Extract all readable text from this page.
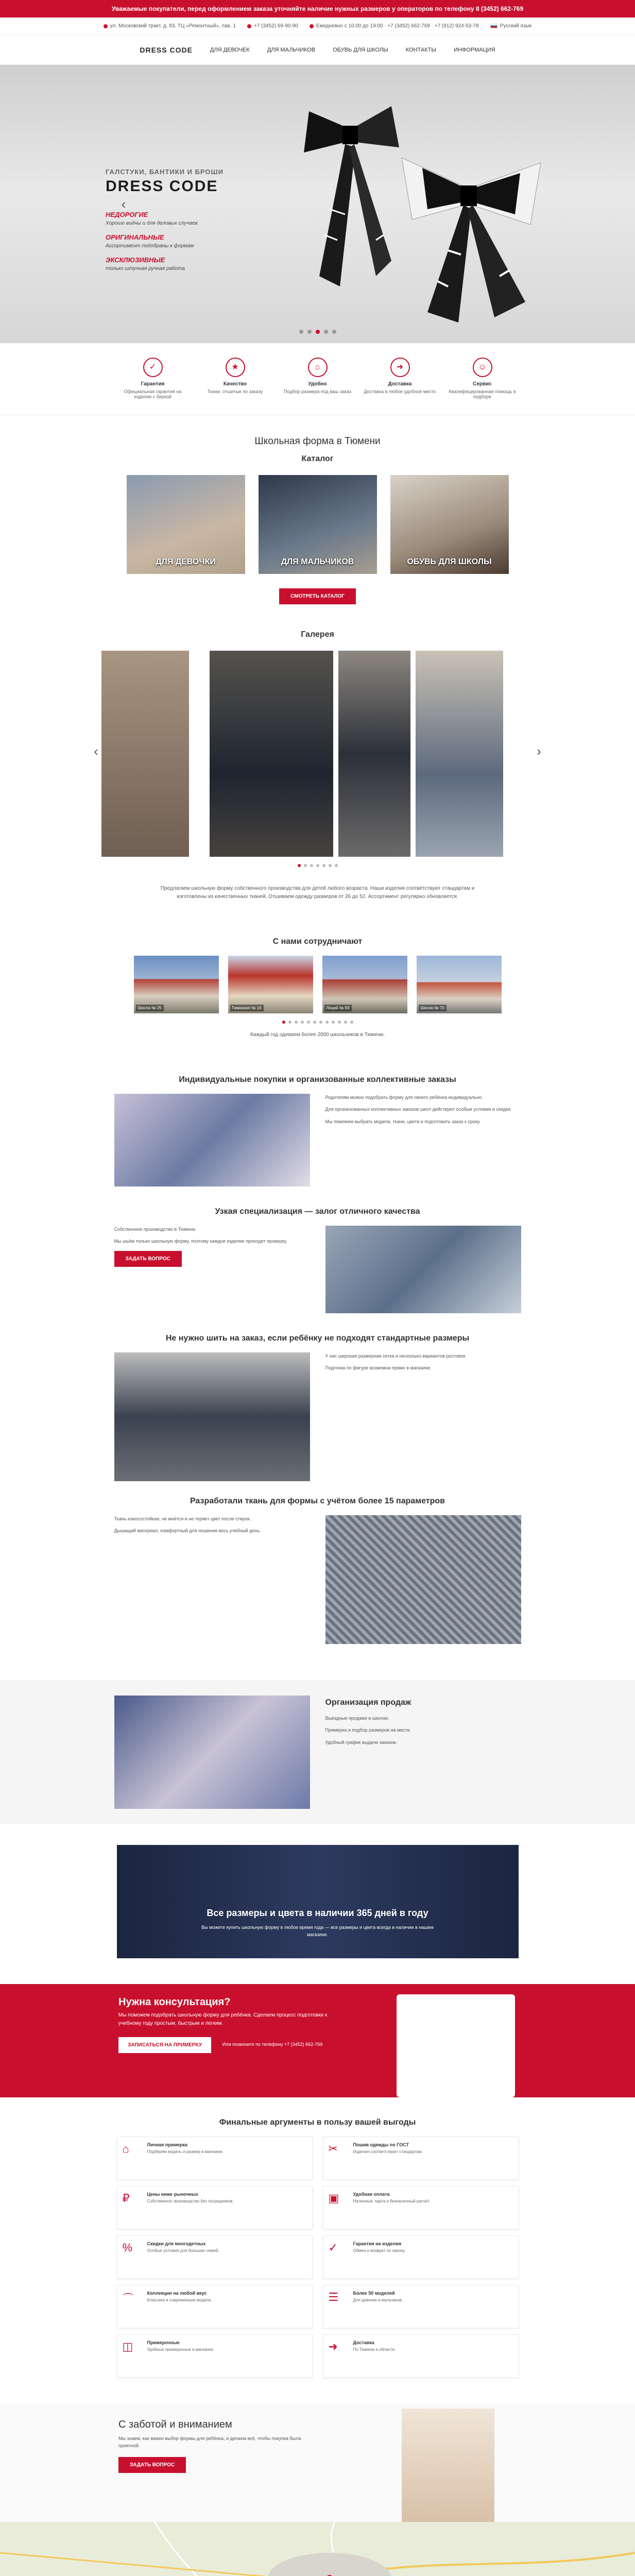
Уважаемые покупатели, перед оформлением заказа уточняйте наличие нужных размеров у операторов по телефону 8 (3452) 662-769
ул. Московский тракт, д. 83, ТЦ «Ремонтный», пав. 1	+7 (3452) 69-90-90	Ежедневно с 10:00 до 19:00 · +7 (3452) 662-769 · +7 (912) 924-53-78	Русский язык
DRESS CODE	ДЛЯ ДЕВОЧЕК	ДЛЯ МАЛЬЧИКОВ	ОБУВЬ ДЛЯ ШКОЛЫ	КОНТАКТЫ	ИНФОРМАЦИЯ
‹
ГАЛСТУКИ, БАНТИКИ И БРОШИ
DRESS CODE
НЕДОРОГИЕ
Хорошо видны и для деловых случаев
ОРИГИНАЛЬНЫЕ
Ассортимент подобраны к формам
ЭКСКЛЮЗИВНЫЕ
только штучная ручная работа
✓
Гарантия
Официальная гарантия на изделия с биркой
★
Качество
Ткани, отшитые по заказу
⌂
Удобно
Подбор размера под ваш заказ
➜
Доставка
Доставка в любое удобное место
☺
Сервис
Квалифицированная помощь в подборе
Школьная форма в Тюмени
Каталог
ДЛЯ ДЕВОЧКИ	ДЛЯ МАЛЬЧИКОВ	ОБУВЬ ДЛЯ ШКОЛЫ
СМОТРЕТЬ КАТАЛОГ
Галерея
‹	›

Предлагаем школьную форму собственного производства для детей любого возраста. Наши изделия соответствуют стандартам и изготовлены из качественных тканей. Отшиваем одежду размеров от 26 до 52. Ассортимент регулярно обновляется.

С нами сотрудничают
Школа № 25	Гимназия № 16	Лицей № 93	Школа № 70

Каждый год одеваем более 2000 школьников в Тюмени.

Индивидуальные покупки и организованные коллективные заказы

Родителям можно подобрать форму для своего ребёнка индивидуально.

Для организованных коллективных заказов школ действуют особые условия и скидки.

Мы поможем выбрать модели, ткани, цвета и подготовить заказ к сроку.

Узкая специализация — залог отличного качества

Собственное производство в Тюмени.

Мы шьём только школьную форму, поэтому каждое изделие проходит проверку.

ЗАДАТЬ ВОПРОС
Не нужно шить на заказ, если ребёнку не подходят стандартные размеры

У нас широкая размерная сетка и несколько вариантов ростовок.

Подгонка по фигуре возможна прямо в магазине.

Разработали ткань для формы с учётом более 15 параметров

Ткань износостойкая, не мнётся и не теряет цвет после стирок.

Дышащий материал, комфортный для ношения весь учебный день.

Организация продаж

Выездные продажи в школах.

Примерка и подбор размеров на месте.

Удобный график выдачи заказов.

Все размеры и цвета в наличии 365 дней в году

Вы можете купить школьную форму в любое время года — все размеры и цвета всегда в наличии в нашем магазине.

Нужна консультация?

Мы поможем подобрать школьную форму для ребёнка. Сделаем процесс подготовки к учебному году простым, быстрым и легким.

ЗАПИСАТЬСЯ НА ПРИМЕРКУ	Или позвоните по телефону +7 (3452) 662-769
Финальные аргументы в пользу вашей выгоды
⌂	Личная примерка

Подберём модель и размер в магазине.	✂	Пошив одежды по ГОСТ

Изделия соответствуют стандартам.

₽	Цены ниже рыночных

Собственное производство без посредников.	▣	Удобная оплата

Наличные, карта и безналичный расчёт.

%	Скидки для многодетных

Особые условия для больших семей.	✓	Гарантия на изделия

Обмен и возврат по закону.

⌒	Коллекции на любой вкус

Классика и современные модели.	☰	Более 50 моделей

Для девочек и мальчиков.

◫	Примерочные

Удобные примерочные в магазине.	➜	Доставка

По Тюмени и области.

С заботой и вниманием

Мы знаем, как важен выбор формы для ребёнка, и делаем всё, чтобы покупка была приятной.

ЗАДАТЬ ВОПРОС
